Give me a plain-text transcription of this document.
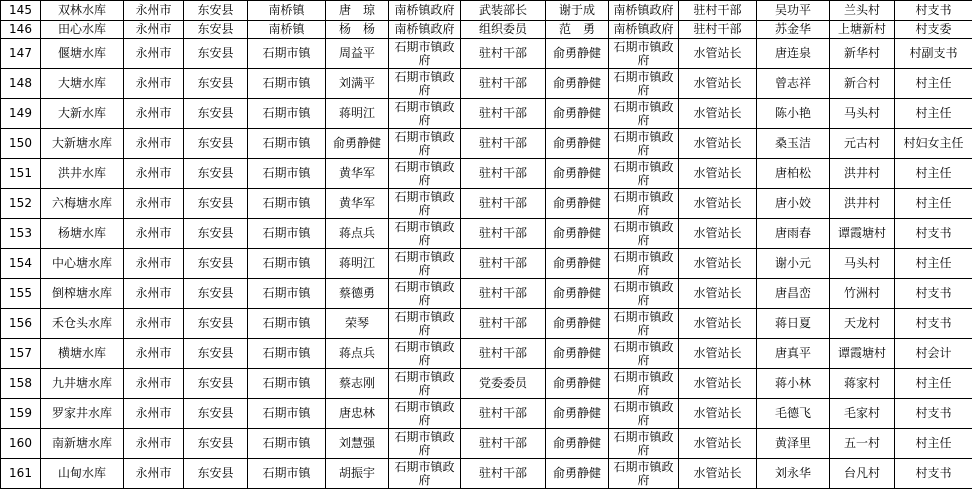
145	双林水库	永州市	东安县	南桥镇	唐　琼	南桥镇政府	武装部长	谢于成	南桥镇政府	驻村干部	吴功平	兰头村	村支书
146	田心水库	永州市	东安县	南桥镇	杨　杨	南桥镇政府	组织委员	范　勇	南桥镇政府	驻村干部	苏金华	上塘新村	村支委
147	偃塘水库	永州市	东安县	石期市镇	周益平	石期市镇政府	驻村干部	俞勇静健	石期市镇政府	水管站长	唐连泉	新华村	村副支书
148	大塘水库	永州市	东安县	石期市镇	刘满平	石期市镇政府	驻村干部	俞勇静健	石期市镇政府	水管站长	曾志祥	新合村	村主任
149	大新水库	永州市	东安县	石期市镇	蒋明江	石期市镇政府	驻村干部	俞勇静健	石期市镇政府	水管站长	陈小艳	马头村	村主任
150	大新塘水库	永州市	东安县	石期市镇	俞勇静健	石期市镇政府	驻村干部	俞勇静健	石期市镇政府	水管站长	桑玉洁	元古村	村妇女主任
151	洪井水库	永州市	东安县	石期市镇	黄华军	石期市镇政府	驻村干部	俞勇静健	石期市镇政府	水管站长	唐柏松	洪井村	村主任
152	六梅塘水库	永州市	东安县	石期市镇	黄华军	石期市镇政府	驻村干部	俞勇静健	石期市镇政府	水管站长	唐小姣	洪井村	村主任
153	杨塘水库	永州市	东安县	石期市镇	蒋点兵	石期市镇政府	驻村干部	俞勇静健	石期市镇政府	水管站长	唐雨春	谭霞塘村	村支书
154	中心塘水库	永州市	东安县	石期市镇	蒋明江	石期市镇政府	驻村干部	俞勇静健	石期市镇政府	水管站长	谢小元	马头村	村主任
155	倒榨塘水库	永州市	东安县	石期市镇	蔡德勇	石期市镇政府	驻村干部	俞勇静健	石期市镇政府	水管站长	唐昌峦	竹洲村	村支书
156	禾仓头水库	永州市	东安县	石期市镇	荣琴	石期市镇政府	驻村干部	俞勇静健	石期市镇政府	水管站长	蒋日夏	天龙村	村支书
157	横塘水库	永州市	东安县	石期市镇	蒋点兵	石期市镇政府	驻村干部	俞勇静健	石期市镇政府	水管站长	唐真平	谭霞塘村	村会计
158	九井塘水库	永州市	东安县	石期市镇	蔡志刚	石期市镇政府	党委委员	俞勇静健	石期市镇政府	水管站长	蒋小林	蒋家村	村主任
159	罗家井水库	永州市	东安县	石期市镇	唐忠林	石期市镇政府	驻村干部	俞勇静健	石期市镇政府	水管站长	毛德飞	毛家村	村支书
160	南新塘水库	永州市	东安县	石期市镇	刘慧强	石期市镇政府	驻村干部	俞勇静健	石期市镇政府	水管站长	黄泽里	五一村	村主任
161	山甸水库	永州市	东安县	石期市镇	胡振宇	石期市镇政府	驻村干部	俞勇静健	石期市镇政府	水管站长	刘永华	台凡村	村支书
